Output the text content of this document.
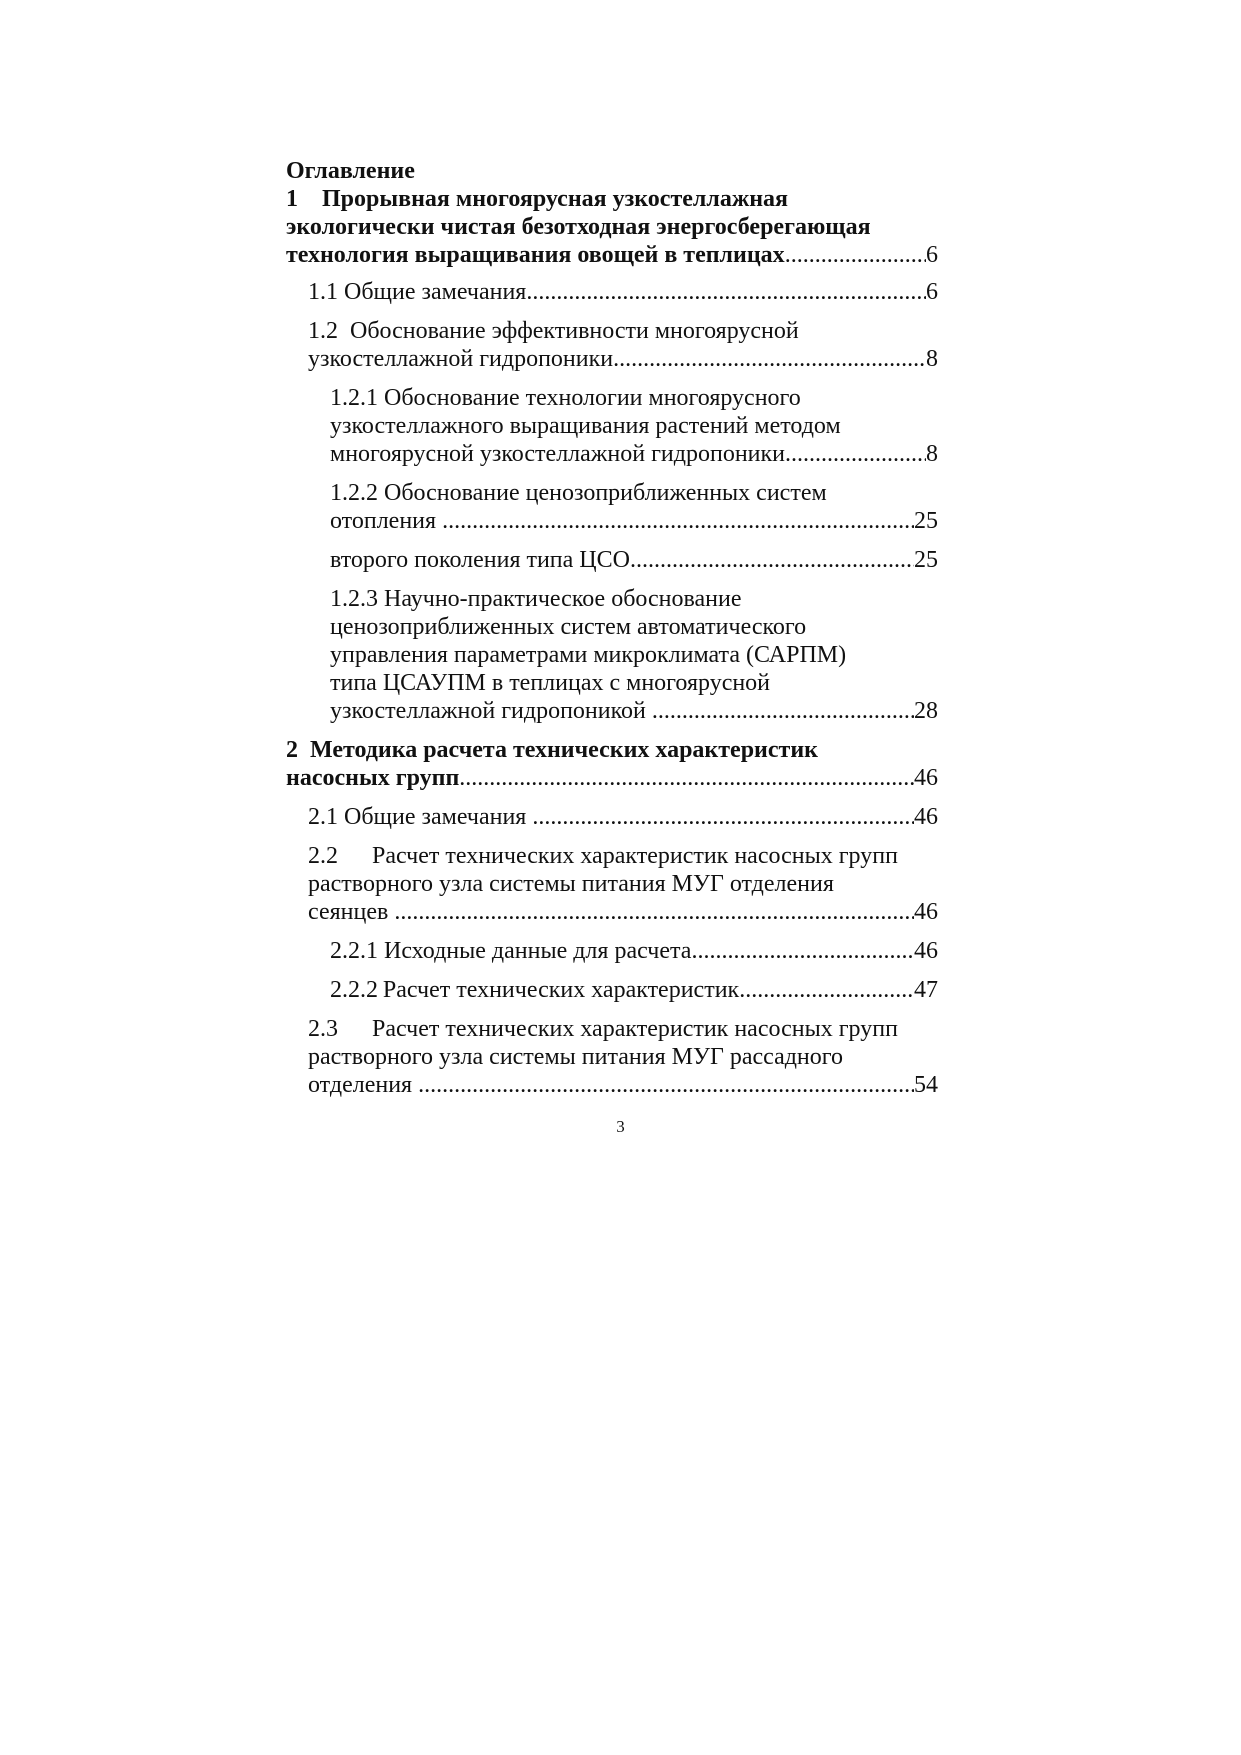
Оглавление
1 Прорывная многоярусная узкостеллажная
экологически чистая безотходная энергосберегающая
технология выращивания овощей в теплицах .....	6
1.1
Общие замечания .....	6
1.2 Обоснование эффективности многоярусной
узкостеллажной гидропоники .....	8
1.2.1 Обоснование технологии многоярусного
узкостеллажного выращивания растений методом
многоярусной узкостеллажной гидропоники .....	8
1.2.2 Обоснование ценозоприближенных систем
отопления
.....	25
второго поколения типа ЦСО .....	25
1.2.3 Научно-практическое обоснование
ценозоприближенных систем автоматического
управления параметрами микроклимата (САРПМ)
типа ЦСАУПМ в теплицах с многоярусной
узкостеллажной гидропоникой
.....	28
2 Методика расчета технических характеристик
насосных групп .....	46
2.1
Общие замечания
.....	46
2.2 Расчет технических характеристик насосных групп
растворного узла системы питания МУГ отделения
сеянцев
.....	46
2.2.1
Исходные данные для расчета .....	46
2.2.2 Расчет технических характеристик .....	47
2.3 Расчет технических характеристик насосных групп
растворного узла системы питания МУГ рассадного
отделения
.....	54
3
